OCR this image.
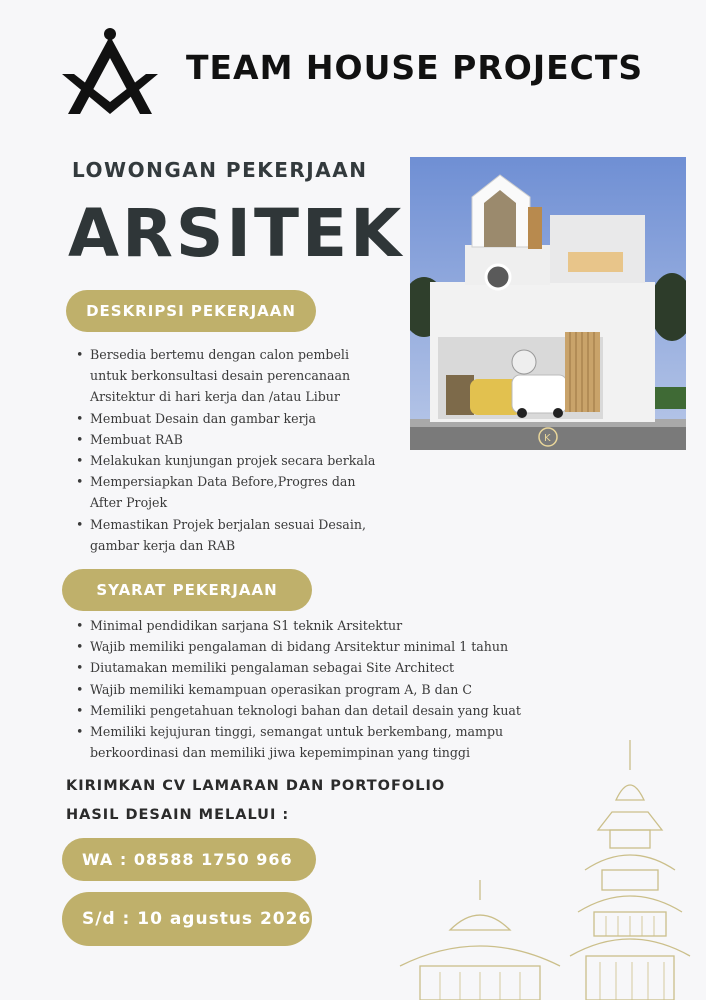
TEAM HOUSE PROJECTS
LOWONGAN PEKERJAAN
ARSITEK
K
DESKRIPSI PEKERJAAN
• Bersedia bertemu dengan calon pembeli untuk berkonsultasi desain perencanaan Arsitektur di hari kerja dan /atau Libur
• Membuat Desain dan gambar kerja
• Membuat RAB
• Melakukan kunjungan projek secara berkala
• Mempersiapkan Data Before,Progres dan After Projek
• Memastikan Projek berjalan sesuai Desain, gambar kerja dan RAB
SYARAT PEKERJAAN
• Minimal pendidikan sarjana S1 teknik Arsitektur
• Wajib memiliki pengalaman di bidang Arsitektur minimal 1 tahun
• Diutamakan memiliki pengalaman sebagai Site Architect
• Wajib memiliki kemampuan operasikan program A, B dan C
• Memiliki pengetahuan teknologi bahan dan detail desain yang kuat
• Memiliki kejujuran tinggi, semangat untuk berkembang, mampu berkoordinasi dan memiliki jiwa kepemimpinan yang tinggi
KIRIMKAN CV LAMARAN DAN PORTOFOLIO
HASIL DESAIN MELALUI :
WA : 08588 1750 966
S/d : 10 agustus 2026
